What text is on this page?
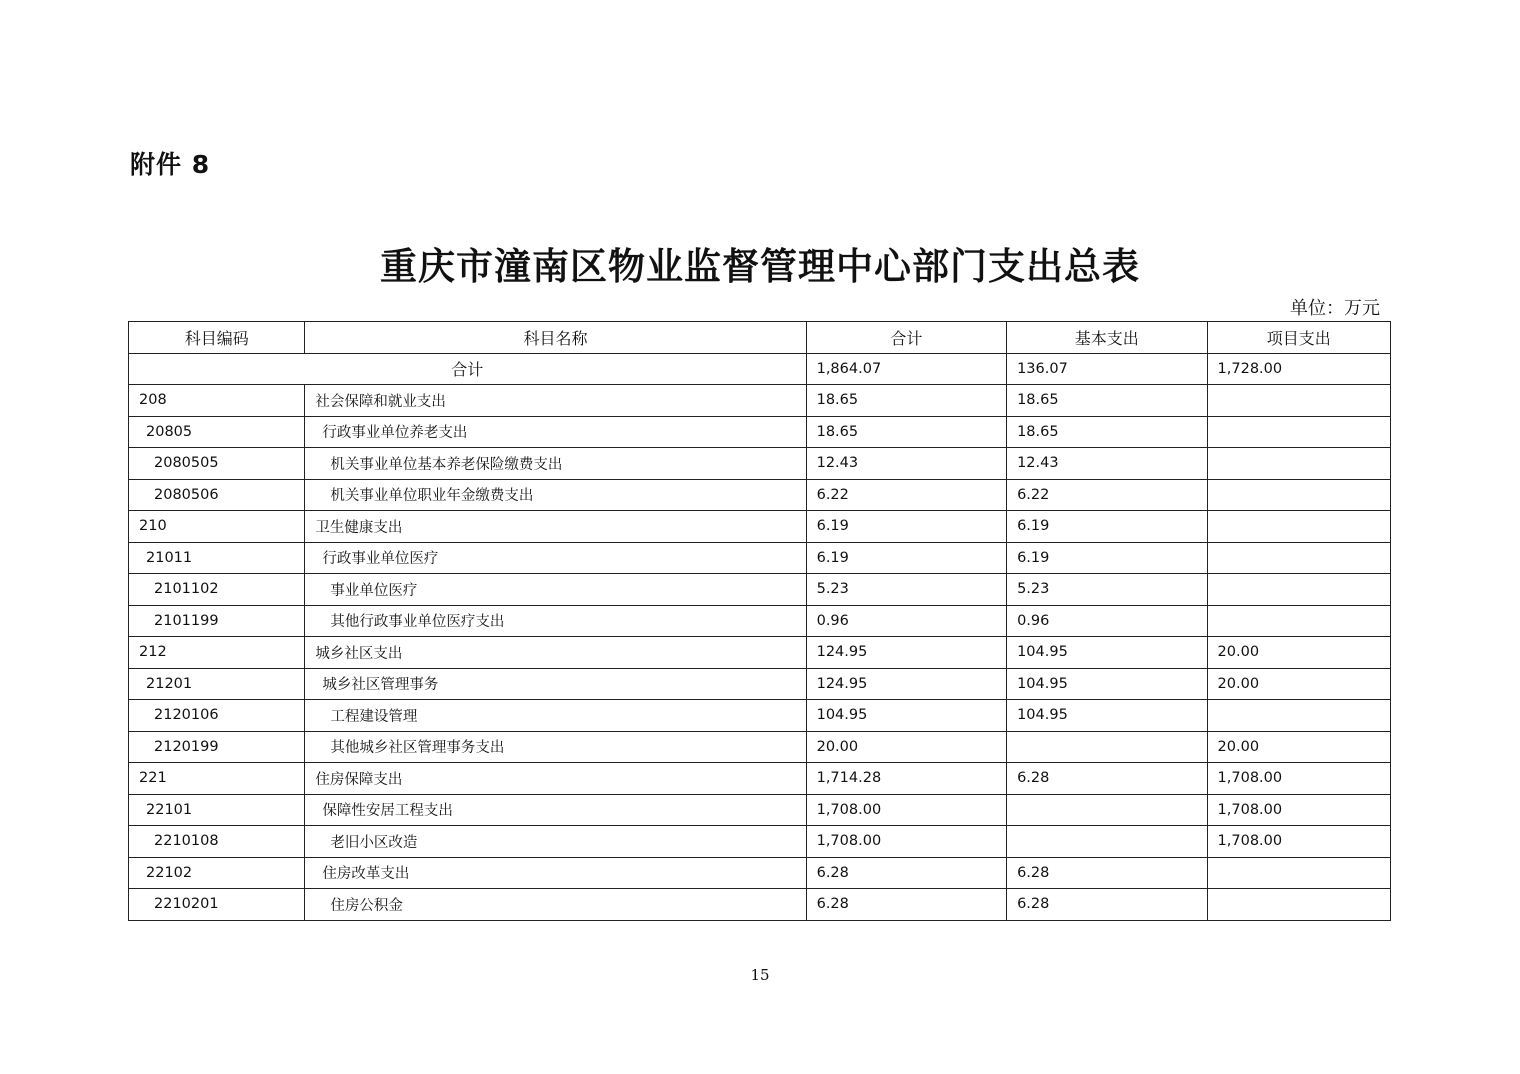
附件 8
重庆市潼南区物业监督管理中心部门支出总表
单位：万元
科目编码	科目名称	合计	基本支出	项目支出
合计		1,864.07	136.07	1,728.00
208	社会保障和就业支出	18.65	18.65	
20805	行政事业单位养老支出	18.65	18.65	
2080505	机关事业单位基本养老保险缴费支出	12.43	12.43	
2080506	机关事业单位职业年金缴费支出	6.22	6.22	
210	卫生健康支出	6.19	6.19	
21011	行政事业单位医疗	6.19	6.19	
2101102	事业单位医疗	5.23	5.23	
2101199	其他行政事业单位医疗支出	0.96	0.96	
212	城乡社区支出	124.95	104.95	20.00
21201	城乡社区管理事务	124.95	104.95	20.00
2120106	工程建设管理	104.95	104.95	
2120199	其他城乡社区管理事务支出	20.00		20.00
221	住房保障支出	1,714.28	6.28	1,708.00
22101	保障性安居工程支出	1,708.00		1,708.00
2210108	老旧小区改造	1,708.00		1,708.00
22102	住房改革支出	6.28	6.28	
2210201	住房公积金	6.28	6.28	
15
